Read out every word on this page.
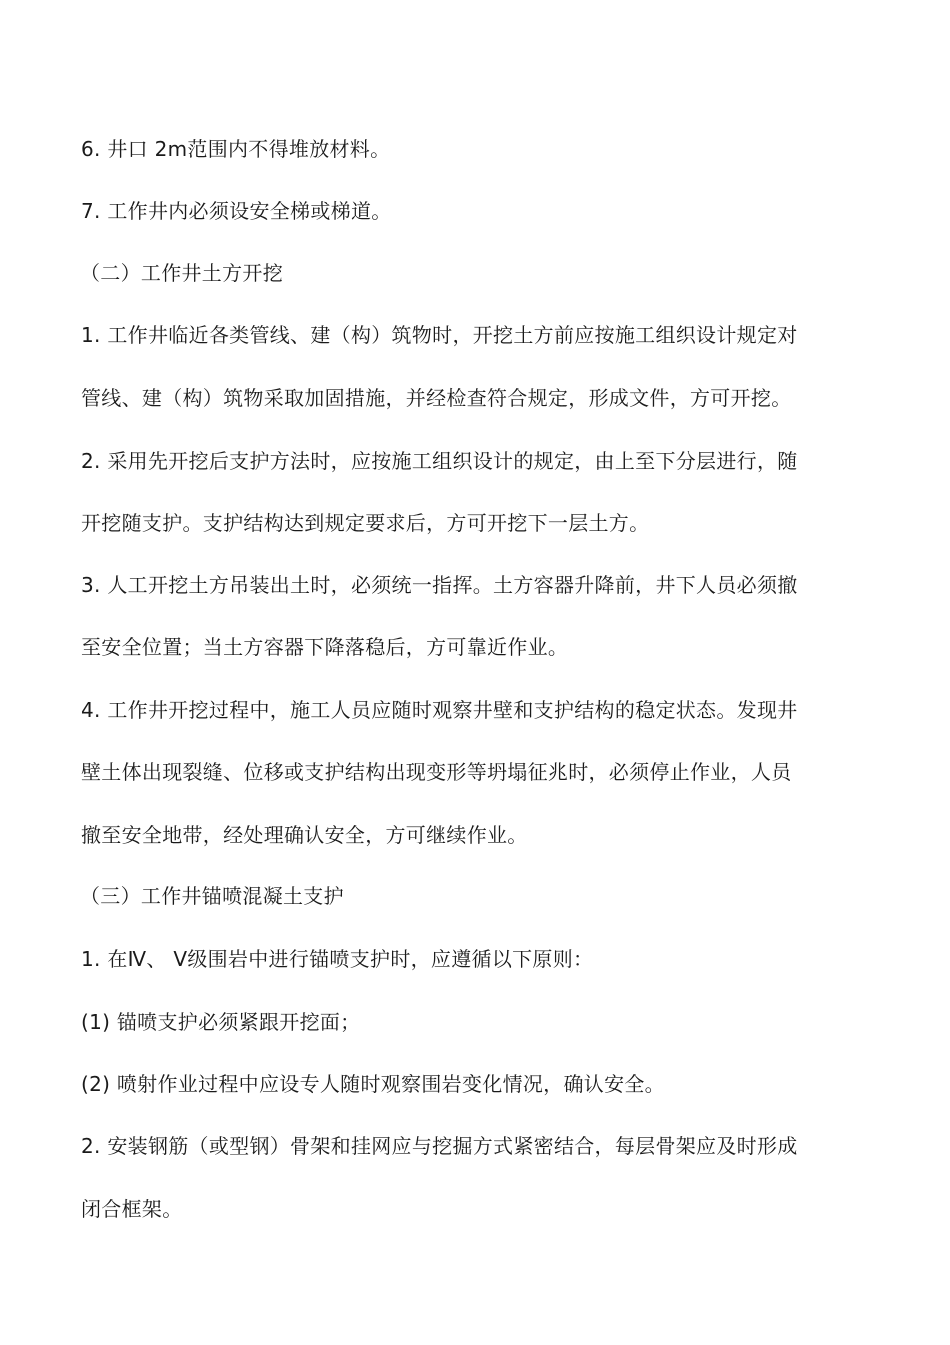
6. 井口 2m范围内不得堆放材料。
7. 工作井内必须设安全梯或梯道。
（二）工作井土方开挖
1. 工作井临近各类管线、建（构）筑物时，开挖土方前应按施工组织设计规定对
管线、建（构）筑物采取加固措施，并经检查符合规定，形成文件，方可开挖。
2. 采用先开挖后支护方法时，应按施工组织设计的规定，由上至下分层进行，随
开挖随支护。支护结构达到规定要求后，方可开挖下一层土方。
3. 人工开挖土方吊装出土时，必须统一指挥。土方容器升降前，井下人员必须撤
至安全位置；当土方容器下降落稳后，方可靠近作业。
4. 工作井开挖过程中，施工人员应随时观察井壁和支护结构的稳定状态。发现井
壁土体出现裂缝、位移或支护结构出现变形等坍塌征兆时，必须停止作业，人员
撤至安全地带，经处理确认安全，方可继续作业。
（三）工作井锚喷混凝土支护
1. 在Ⅳ、 Ⅴ级围岩中进行锚喷支护时，应遵循以下原则：
(1) 锚喷支护必须紧跟开挖面；
(2) 喷射作业过程中应设专人随时观察围岩变化情况，确认安全。
2. 安装钢筋（或型钢）骨架和挂网应与挖掘方式紧密结合，每层骨架应及时形成
闭合框架。
